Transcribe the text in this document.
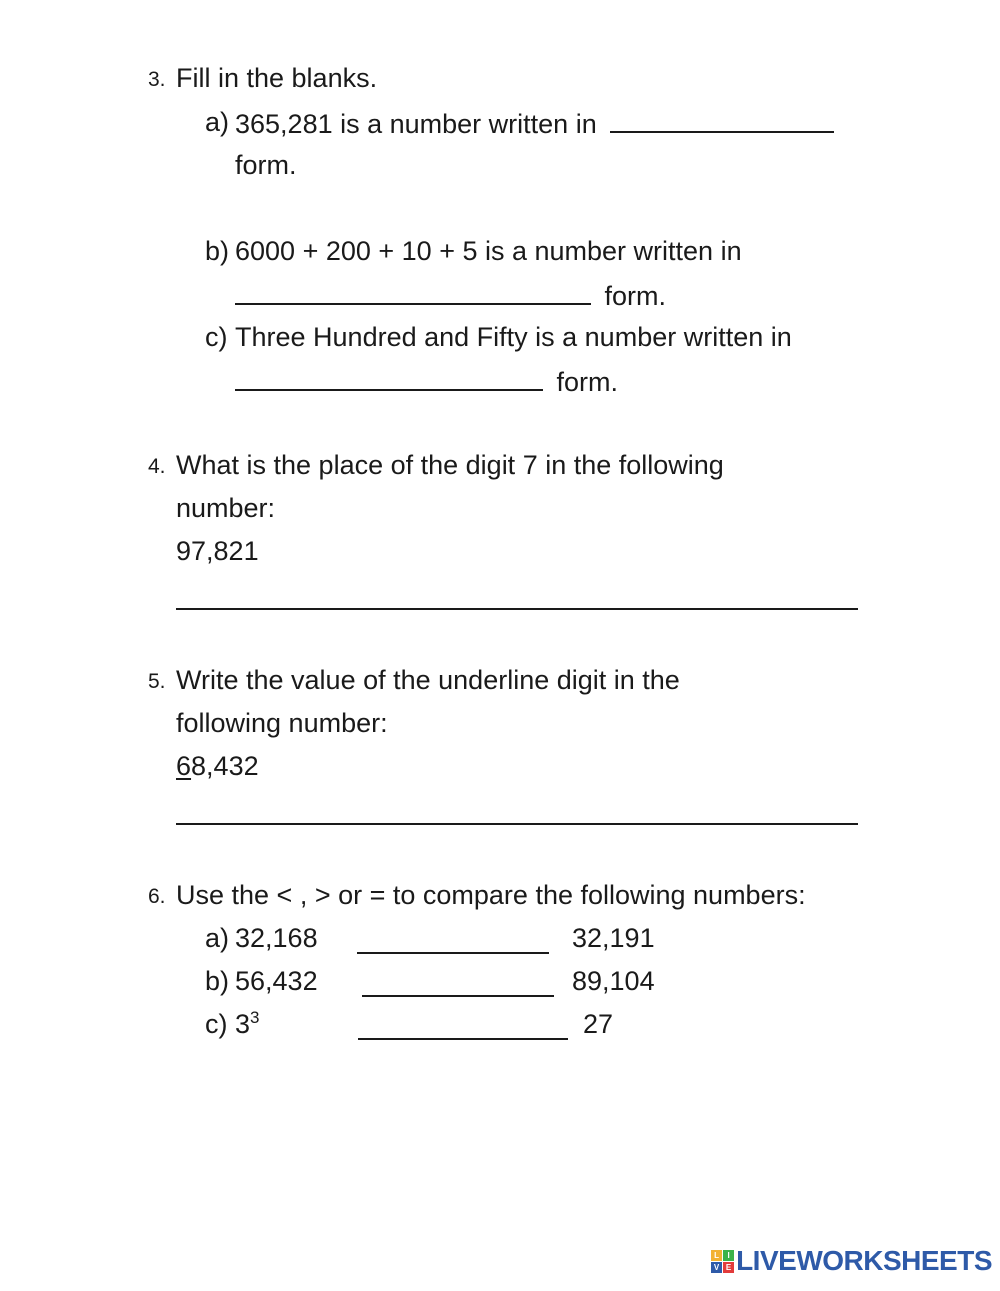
3. Fill in the blanks.
a) 365,281 is a number written in
form.
b) 6000 + 200 + 10 + 5 is a number written in
form.
c) Three Hundred and Fifty is a number written in
form.
4. What is the place of the digit 7 in the following
number:
97,821
5. Write the value of the underline digit in the
following number:
68,432
6. Use the < , > or = to compare the following numbers:
a) 32,168	32,191
b) 56,432	89,104
c) $3^3$	27
L	I
V E LIVEWORKSHEETS
